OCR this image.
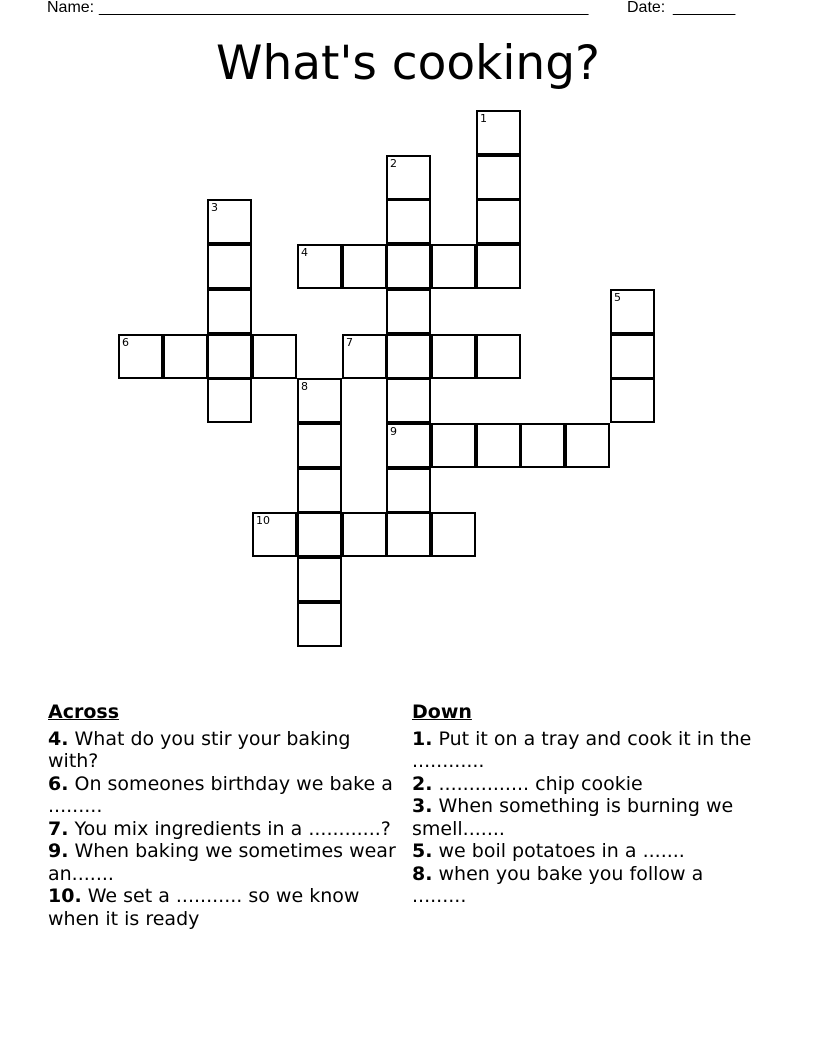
Name: _______________________________________________________ Date: _______
What's cooking?
1
2
9
3
4
5
6	7
8
10
Across
4. What do you stir your baking with?
6. On someones birthday we bake a .........
7. You mix ingredients in a ............?
9. When baking we sometimes wear an.......
10. We set a ........... so we know when it is ready
Down
1. Put it on a tray and cook it in the ............
2. ............... chip cookie
3. When something is burning we smell.......
5. we boil potatoes in a .......
8. when you bake you follow a .........
